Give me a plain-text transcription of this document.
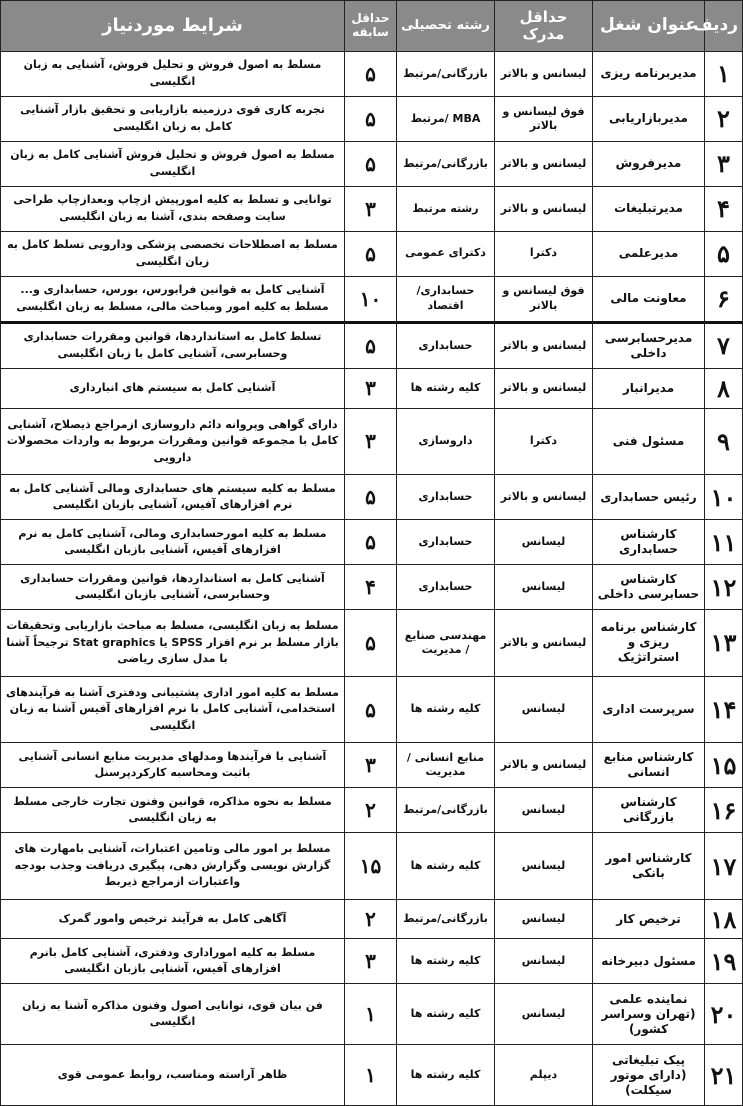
ردیف	عنوان شغل	حداقل مدرک	رشته تحصیلی	حداقل سابقه	شرایط موردنیاز
۱	مدیربرنامه ریزی	لیسانس و بالاتر	بازرگانی/مرتبط	۵	مسلط به اصول فروش و تحلیل فروش، آشنایی به زبان انگلیسی
۲	مدیربازاریابی	فوق لیسانس و بالاتر	MBA /مرتبط	۵	تجربه کاری قوی درزمینه بازاریابی و تحقیق بازار آشنایی کامل به زبان انگلیسی
۳	مدیرفروش	لیسانس و بالاتر	بازرگانی/مرتبط	۵	مسلط به اصول فروش و تحلیل فروش آشنایی کامل به زبان انگلیسی
۴	مدیرتبلیغات	لیسانس و بالاتر	رشته مرتبط	۳	توانایی و تسلط به کلیه امورپیش ازچاپ وبعدازچاپ طراحی سایت وصفحه بندی، آشنا به زبان انگلیسی
۵	مدیرعلمی	دکترا	دکترای عمومی	۵	مسلط به اصطلاحات تخصصی پزشکی ودارویی تسلط کامل به زبان انگلیسی
۶	معاونت مالی	فوق لیسانس و بالاتر	حسابداری/ اقتصاد	۱۰	آشنایی کامل به قوانین فرابورس، بورس، حسابداری و... مسلط به کلیه امور ومباحث مالی، مسلط به زبان انگلیسی
۷	مدیرحسابرسی داخلی	لیسانس و بالاتر	حسابداری	۵	تسلط کامل به استانداردها، قوانین ومقررات حسابداری وحسابرسی، آشنایی کامل با زبان انگلیسی
۸	مدیرانبار	لیسانس و بالاتر	کلیه رشته ها	۳	آشنایی کامل به سیستم های انبارداری
۹	مسئول فنی	دکترا	داروسازی	۳	دارای گواهی وپروانه دائم داروسازی ازمراجع ذیصلاح، آشنایی کامل با مجموعه قوانین ومقررات مربوط به واردات محصولات دارویی
۱۰	رئیس حسابداری	لیسانس و بالاتر	حسابداری	۵	مسلط به کلیه سیستم های حسابداری ومالی آشنایی کامل به نرم افزارهای آفیس، آشنایی بازبان انگلیسی
۱۱	کارشناس حسابداری	لیسانس	حسابداری	۵	مسلط به کلیه امورحسابداری ومالی، آشنایی کامل به نرم افزارهای آفیس، آشنایی بازبان انگلیسی
۱۲	کارشناس حسابرسی داخلی	لیسانس	حسابداری	۴	آشنایی کامل به استانداردها، قوانین ومقررات حسابداری وحسابرسی، آشنایی بازبان انگلیسی
۱۳	کارشناس برنامه ریزی و استراتژیک	لیسانس و بالاتر	مهندسی صنایع / مدیریت	۵	مسلط به زبان انگلیسی، مسلط به مباحث بازاریابی وتحقیقات بازار مسلط بر نرم افزار SPSS یا Stat graphics ترجیحاً آشنا با مدل سازی ریاضی
۱۴	سرپرست اداری	لیسانس	کلیه رشته ها	۵	مسلط به کلیه امور اداری پشتیبانی ودفتری آشنا به فرآیندهای استخدامی، آشنایی کامل با نرم افزارهای آفیس آشنا به زبان انگلیسی
۱۵	کارشناس منابع انسانی	لیسانس و بالاتر	منابع انسانی / مدیریت	۳	آشنایی با فرآیندها ومدلهای مدیریت منابع انسانی آشنایی باثبت ومحاسبه کارکردپرسنل
۱۶	کارشناس بازرگانی	لیسانس	بازرگانی/مرتبط	۲	مسلط به نحوه مذاکره، قوانین وفنون تجارت خارجی مسلط به زبان انگلیسی
۱۷	کارشناس امور بانکی	لیسانس	کلیه رشته ها	۱۵	مسلط بر امور مالی وتامین اعتبارات، آشنایی بامهارت های گزارش نویسی وگزارش دهی، پیگیری دریافت وجذب بودجه واعتبارات ازمراجع ذیربط
۱۸	ترخیص کار	لیسانس	بازرگانی/مرتبط	۲	آگاهی کامل به فرآیند ترخیص وامور گمرک
۱۹	مسئول دبیرخانه	لیسانس	کلیه رشته ها	۳	مسلط به کلیه اموراداری ودفتری، آشنایی کامل بانرم افزارهای آفیس، آشنایی بازبان انگلیسی
۲۰	نماینده علمی (تهران وسراسر کشور)	لیسانس	کلیه رشته ها	۱	فن بیان قوی، توانایی اصول وفنون مذاکره آشنا به زبان انگلیسی
۲۱	پیک تبلیغاتی (دارای موتور سیکلت)	دیپلم	کلیه رشته ها	۱	ظاهر آراسته ومناسب، روابط عمومی قوی
